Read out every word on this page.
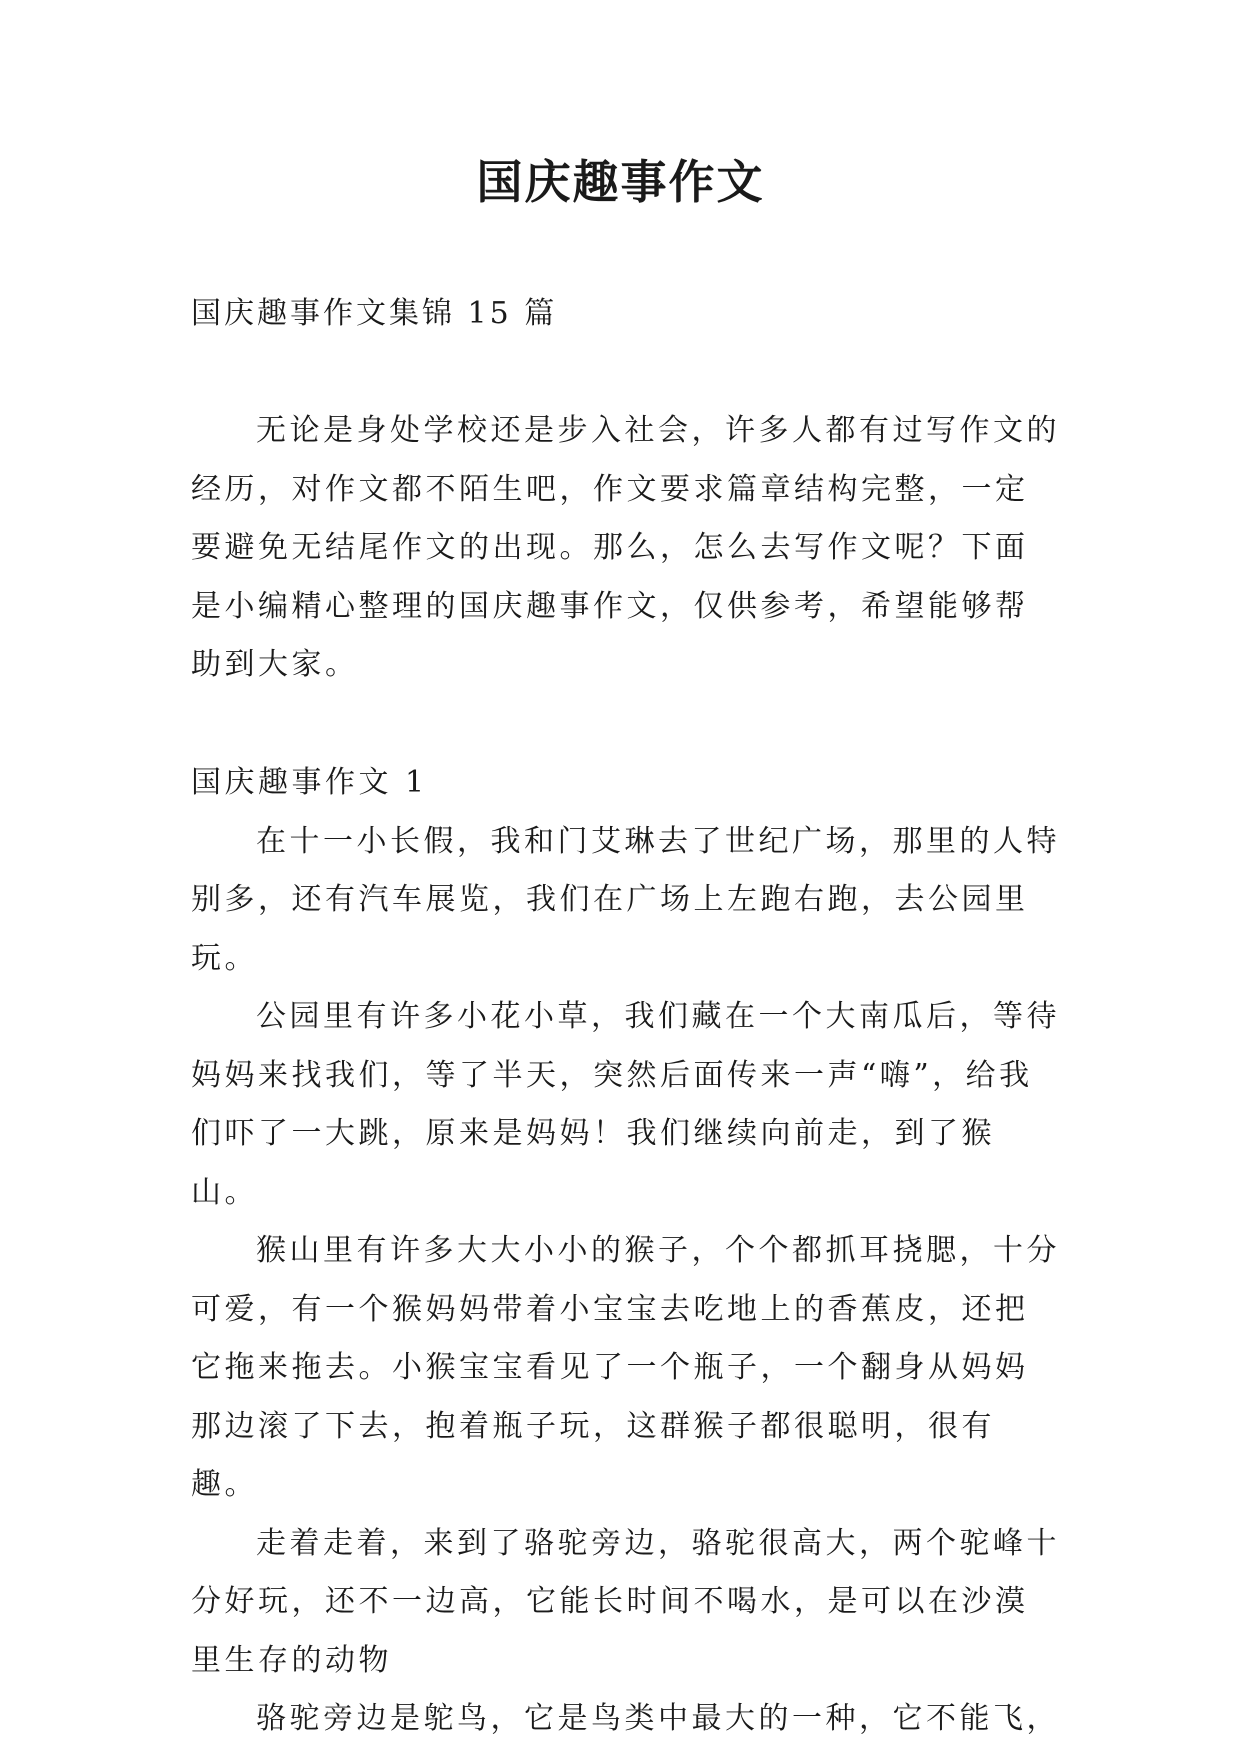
国庆趣事作文
国庆趣事作文集锦 15 篇

无论是身处学校还是步入社会，许多人都有过写作文的经历，对作文都不陌生吧，作文要求篇章结构完整，一定要避免无结尾作文的出现。那么，怎么去写作文呢？下面是小编精心整理的国庆趣事作文，仅供参考，希望能够帮助到大家。

国庆趣事作文 1

在十一小长假，我和门艾琳去了世纪广场，那里的人特别多，还有汽车展览，我们在广场上左跑右跑，去公园里玩。

公园里有许多小花小草，我们藏在一个大南瓜后，等待妈妈来找我们，等了半天，突然后面传来一声“嗨”，给我们吓了一大跳，原来是妈妈！我们继续向前走，到了猴山。

猴山里有许多大大小小的猴子，个个都抓耳挠腮，十分可爱，有一个猴妈妈带着小宝宝去吃地上的香蕉皮，还把它拖来拖去。小猴宝宝看见了一个瓶子，一个翻身从妈妈那边滚了下去，抱着瓶子玩，这群猴子都很聪明，很有趣。

走着走着，来到了骆驼旁边，骆驼很高大，两个驼峰十分好玩，还不一边高，它能长时间不喝水，是可以在沙漠里生存的动物

骆驼旁边是鸵鸟，它是鸟类中最大的一种，它不能飞，
